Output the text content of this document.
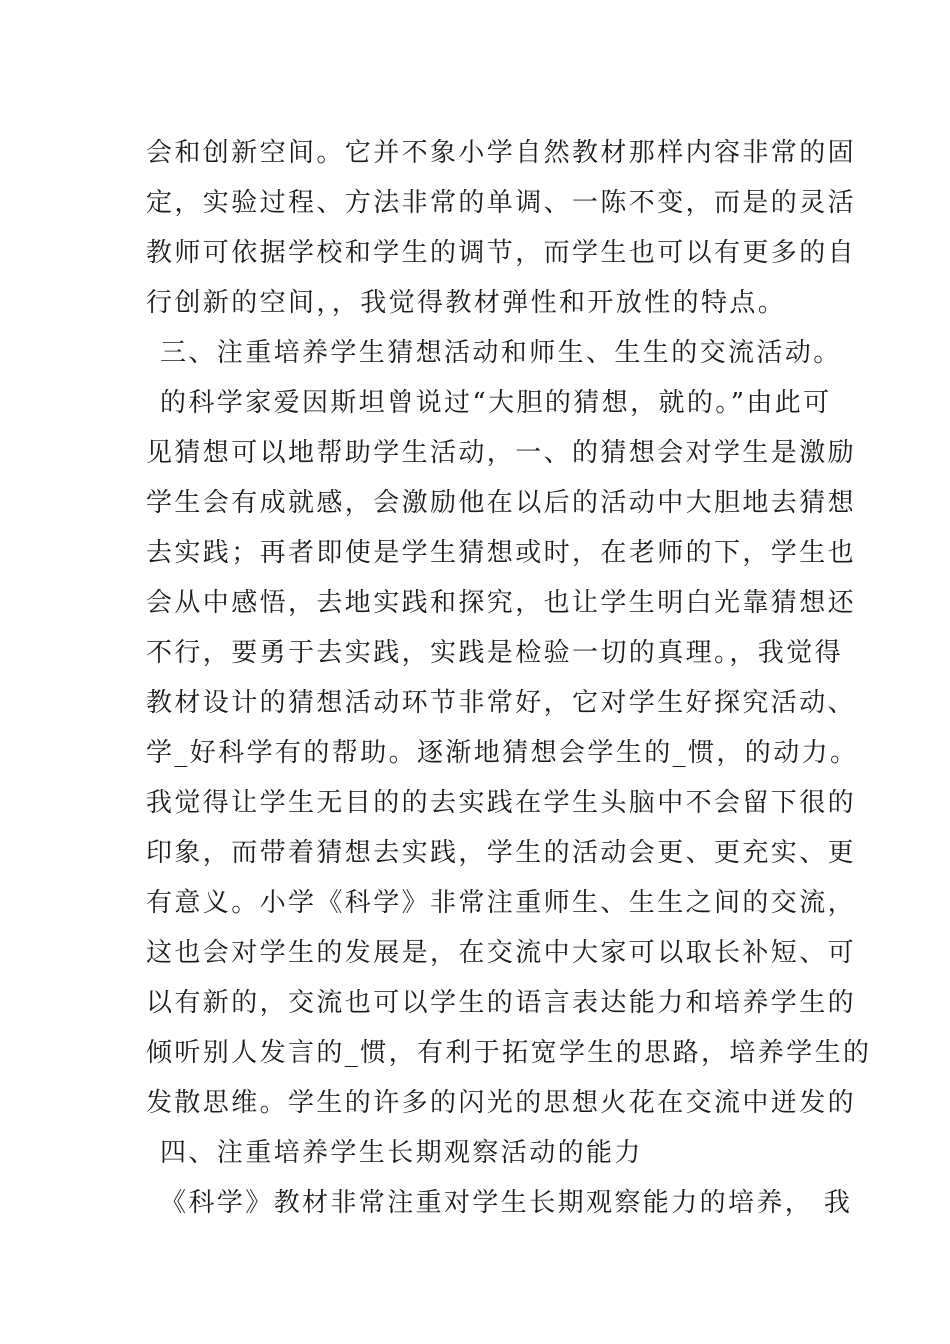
会和创新空间。它并不象小学自然教材那样内容非常的固
定，实验过程、方法非常的单调、一陈不变，而是的灵活
教师可依据学校和学生的调节，而学生也可以有更多的自
行创新的空间，，我觉得教材弹性和开放性的特点。
三、注重培养学生猜想活动和师生、生生的交流活动。
的科学家爱因斯坦曾说过“大胆的猜想，就的。”由此可
见猜想可以地帮助学生活动，一、的猜想会对学生是激励
学生会有成就感，会激励他在以后的活动中大胆地去猜想
去实践；再者即使是学生猜想或时，在老师的下，学生也
会从中感悟，去地实践和探究，也让学生明白光靠猜想还
不行，要勇于去实践，实践是检验一切的真理。，我觉得
教材设计的猜想活动环节非常好，它对学生好探究活动、
学_好科学有的帮助。逐渐地猜想会学生的_惯，的动力。
我觉得让学生无目的的去实践在学生头脑中不会留下很的
印象，而带着猜想去实践，学生的活动会更、更充实、更
有意义。小学《科学》非常注重师生、生生之间的交流，
这也会对学生的发展是，在交流中大家可以取长补短、可
以有新的，交流也可以学生的语言表达能力和培养学生的
倾听别人发言的_惯，有利于拓宽学生的思路，培养学生的
发散思维。学生的许多的闪光的思想火花在交流中迸发的
四、注重培养学生长期观察活动的能力
《科学》教材非常注重对学生长期观察能力的培养， 我
